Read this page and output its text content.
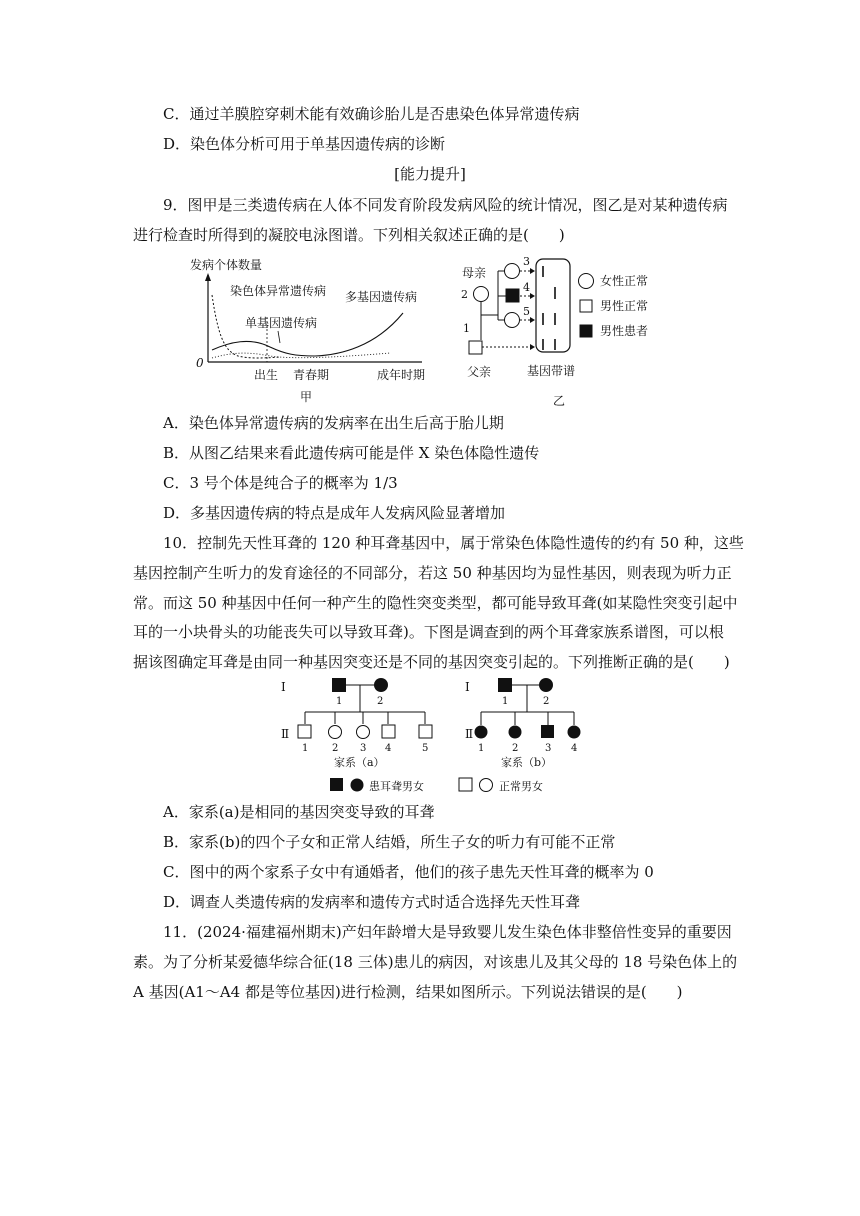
C．通过羊膜腔穿刺术能有效确诊胎儿是否患染色体异常遗传病
D．染色体分析可用于单基因遗传病的诊断
[能力提升]
9．图甲是三类遗传病在人体不同发育阶段发病风险的统计情况，图乙是对某种遗传病
进行检查时所得到的凝胶电泳图谱。下列相关叙述正确的是(　　)
发病个体数量
0
染色体异常遗传病 多基因遗传病
单基因遗传病
出生 青春期	成年时期
甲
母亲
2
1
父亲
3
4
5
基因带谱
乙
女性正常
男性正常
男性患者
A．染色体异常遗传病的发病率在出生后高于胎儿期
B．从图乙结果来看此遗传病可能是伴 X 染色体隐性遗传
C．3 号个体是纯合子的概率为 1/3
D．多基因遗传病的特点是成年人发病风险显著增加
10．控制先天性耳聋的 120 种耳聋基因中，属于常染色体隐性遗传的约有 50 种，这些
基因控制产生听力的发育途径的不同部分，若这 50 种基因均为显性基因，则表现为听力正
常。而这 50 种基因中任何一种产生的隐性突变类型，都可能导致耳聋(如某隐性突变引起中
耳的一小块骨头的功能丧失可以导致耳聋)。下图是调查到的两个耳聋家族系谱图，可以根
据该图确定耳聋是由同一种基因突变还是不同的基因突变引起的。下列推断正确的是(　　)
Ⅰ
Ⅱ
1	2
1 2 3 4	5
家系（a）
Ⅰ
Ⅱ
1	2
1	2	3 4
家系（b）
患耳聋男女	正常男女
A．家系(a)是相同的基因突变导致的耳聋
B．家系(b)的四个子女和正常人结婚，所生子女的听力有可能不正常
C．图中的两个家系子女中有通婚者，他们的孩子患先天性耳聋的概率为 0
D．调查人类遗传病的发病率和遗传方式时适合选择先天性耳聋
11．(2024·福建福州期末)产妇年龄增大是导致婴儿发生染色体非整倍性变异的重要因
素。为了分析某爱德华综合征(18 三体)患儿的病因，对该患儿及其父母的 18 号染色体上的
A 基因(A1～A4 都是等位基因)进行检测，结果如图所示。下列说法错误的是(　　)
